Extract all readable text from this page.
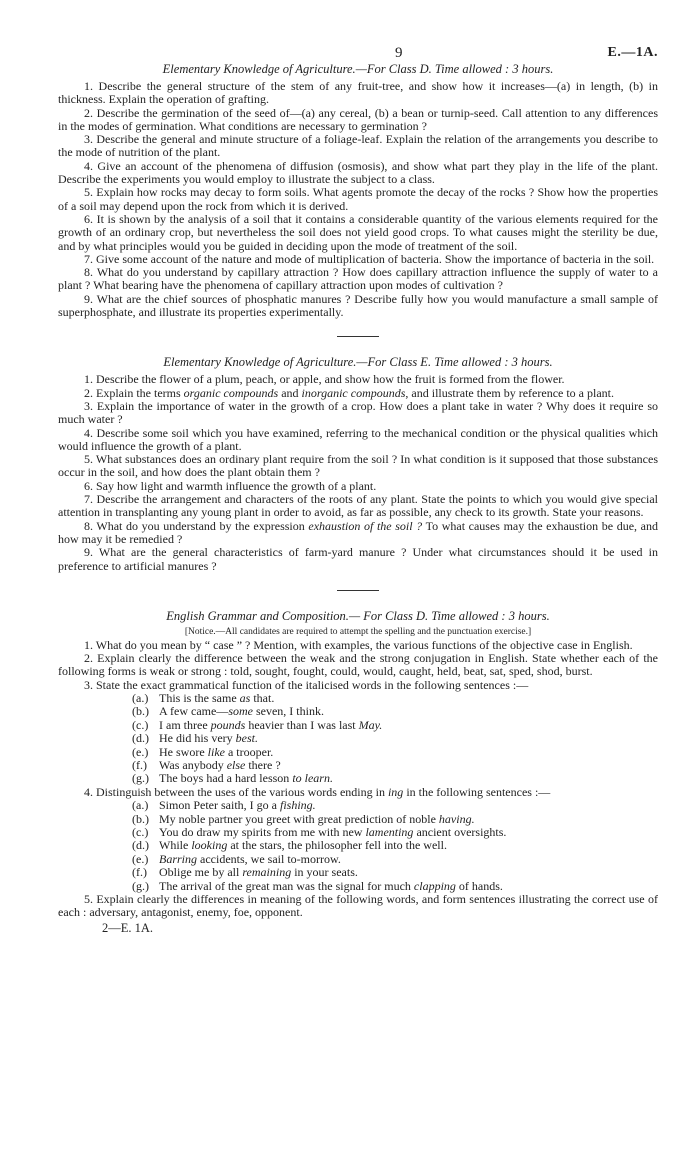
9	E.—1A.

Elementary Knowledge of Agriculture.—For Class D. Time allowed : 3 hours.

1. Describe the general structure of the stem of any fruit-tree, and show how it increases—(a) in length, (b) in thickness. Explain the operation of grafting.

2. Describe the germination of the seed of—(a) any cereal, (b) a bean or turnip-seed. Call attention to any differences in the modes of germination. What conditions are necessary to germination ?

3. Describe the general and minute structure of a foliage-leaf. Explain the relation of the arrangements you describe to the mode of nutrition of the plant.

4. Give an account of the phenomena of diffusion (osmosis), and show what part they play in the life of the plant. Describe the experiments you would employ to illustrate the subject to a class.

5. Explain how rocks may decay to form soils. What agents promote the decay of the rocks ? Show how the properties of a soil may depend upon the rock from which it is derived.

6. It is shown by the analysis of a soil that it contains a considerable quantity of the various elements required for the growth of an ordinary crop, but nevertheless the soil does not yield good crops. To what causes might the sterility be due, and by what principles would you be guided in deciding upon the mode of treatment of the soil.

7. Give some account of the nature and mode of multiplication of bacteria. Show the importance of bacteria in the soil.

8. What do you understand by capillary attraction ? How does capillary attraction influence the supply of water to a plant ? What bearing have the phenomena of capillary attraction upon modes of cultivation ?

9. What are the chief sources of phosphatic manures ? Describe fully how you would manufacture a small sample of superphosphate, and illustrate its properties experimentally.

Elementary Knowledge of Agriculture.—For Class E. Time allowed : 3 hours.

1. Describe the flower of a plum, peach, or apple, and show how the fruit is formed from the flower.

2. Explain the terms organic compounds and inorganic compounds, and illustrate them by reference to a plant.

3. Explain the importance of water in the growth of a crop. How does a plant take in water ? Why does it require so much water ?

4. Describe some soil which you have examined, referring to the mechanical condition or the physical qualities which would influence the growth of a plant.

5. What substances does an ordinary plant require from the soil ? In what condition is it supposed that those substances occur in the soil, and how does the plant obtain them ?

6. Say how light and warmth influence the growth of a plant.

7. Describe the arrangement and characters of the roots of any plant. State the points to which you would give special attention in transplanting any young plant in order to avoid, as far as possible, any check to its growth. State your reasons.

8. What do you understand by the expression exhaustion of the soil ? To what causes may the exhaustion be due, and how may it be remedied ?

9. What are the general characteristics of farm-yard manure ? Under what circumstances should it be used in preference to artificial manures ?

English Grammar and Composition.— For Class D. Time allowed : 3 hours.

[Notice.—All candidates are required to attempt the spelling and the punctuation exercise.]

1. What do you mean by “ case ” ? Mention, with examples, the various functions of the objective case in English.

2. Explain clearly the difference between the weak and the strong conjugation in English. State whether each of the following forms is weak or strong : told, sought, fought, could, would, caught, held, beat, sat, sped, shod, burst.

3. State the exact grammatical function of the italicised words in the following sentences :—

(a.) This is the same as that.

(b.) A few came—some seven, I think.

(c.) I am three pounds heavier than I was last May.

(d.) He did his very best.

(e.) He swore like a trooper.

(f.) Was anybody else there ?

(g.) The boys had a hard lesson to learn.

4. Distinguish between the uses of the various words ending in ing in the following sentences :—

(a.) Simon Peter saith, I go a fishing.

(b.) My noble partner you greet with great prediction of noble having.

(c.) You do draw my spirits from me with new lamenting ancient oversights.

(d.) While looking at the stars, the philosopher fell into the well.

(e.) Barring accidents, we sail to-morrow.

(f.) Oblige me by all remaining in your seats.

(g.) The arrival of the great man was the signal for much clapping of hands.

5. Explain clearly the differences in meaning of the following words, and form sentences illustrating the correct use of each : adversary, antagonist, enemy, foe, opponent.

2—E. 1A.
